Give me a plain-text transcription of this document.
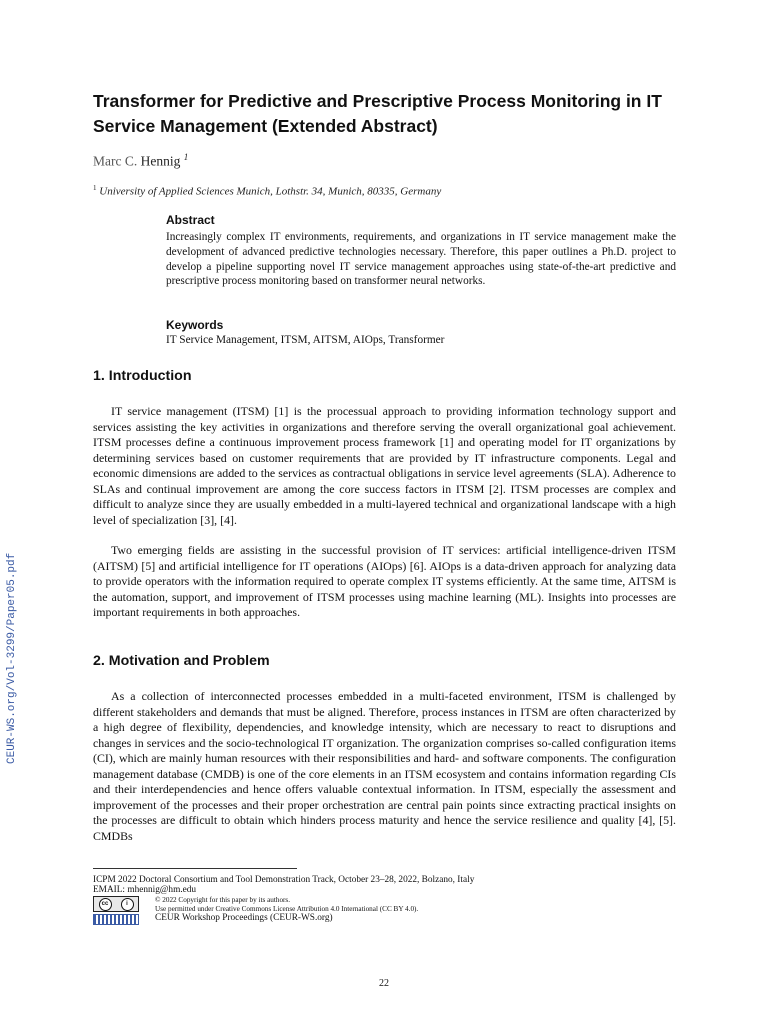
CEUR-WS.org/Vol-3299/Paper05.pdf
Transformer for Predictive and Prescriptive Process Monitoring in IT Service Management (Extended Abstract)

Marc C. Hennig $^1$

$^1$ University of Applied Sciences Munich, Lothstr. 34, Munich, 80335, Germany

Abstract

Increasingly complex IT environments, requirements, and organizations in IT service management make the development of advanced predictive technologies necessary. Therefore, this paper outlines a Ph.D. project to develop a pipeline supporting novel IT service management approaches using state-of-the-art predictive and prescriptive process monitoring based on transformer neural networks.

Keywords

IT Service Management, ITSM, AITSM, AIOps, Transformer

1. Introduction

IT service management (ITSM) [1] is the processual approach to providing information technology support and services assisting the key activities in organizations and therefore serving the overall organizational goal achievement. ITSM processes define a continuous improvement process framework [1] and operating model for IT organizations by determining services based on customer requirements that are provided by IT infrastructure components. Legal and economic dimensions are added to the services as contractual obligations in service level agreements (SLA). Adherence to SLAs and continual improvement are among the core success factors in ITSM [2]. ITSM processes are complex and difficult to analyze since they are usually embedded in a multi-layered technical and organizational landscape with a high level of specialization [3], [4].

Two emerging fields are assisting in the successful provision of IT services: artificial intelligence-driven ITSM (AITSM) [5] and artificial intelligence for IT operations (AIOps) [6]. AIOps is a data-driven approach for analyzing data to provide operators with the information required to operate complex IT systems efficiently. At the same time, AITSM is the automation, support, and improvement of ITSM processes using machine learning (ML). Insights into processes are important requirements in both approaches.

2. Motivation and Problem

As a collection of interconnected processes embedded in a multi-faceted environment, ITSM is challenged by different stakeholders and demands that must be aligned. Therefore, process instances in ITSM are often characterized by a high degree of flexibility, dependencies, and knowledge intensity, which are necessary to react to disruptions and changes in services and the socio-technological IT organization. The organization comprises so-called configuration items (CI), which are mainly human resources with their responsibilities and hard- and software components. The configuration management database (CMDB) is one of the core elements in an ITSM ecosystem and contains information regarding CIs and their interdependencies and hence offers valuable contextual information. In ITSM, especially the assessment and improvement of the processes and their proper orchestration are central pain points since extracting practical insights on the processes are difficult to obtain which hinders process maturity and hence the service resilience and quality [4], [5]. CMDBs

ICPM 2022 Doctoral Consortium and Tool Demonstration Track, October 23–28, 2022, Bolzano, Italy

EMAIL: mhennig@hm.edu

cc	i	© 2022 Copyright for this paper by its authors.

Use permitted under Creative Commons License Attribution 4.0 International (CC BY 4.0).

CEUR Workshop Proceedings (CEUR-WS.org)

22
